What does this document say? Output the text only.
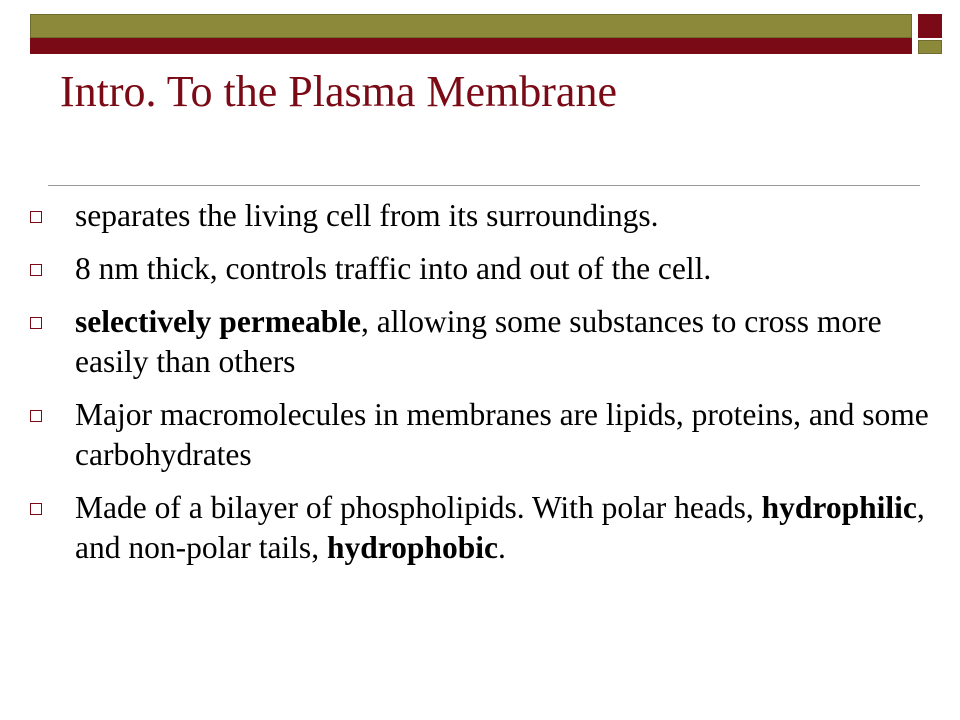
Intro. To the Plasma Membrane
separates the living cell from its surroundings.
8 nm thick, controls traffic into and out of the cell.
selectively permeable, allowing some substances to cross more easily than others
Major macromolecules in membranes are lipids, proteins, and some carbohydrates
Made of a bilayer of phospholipids. With polar heads, hydrophilic, and non-polar tails, hydrophobic.
